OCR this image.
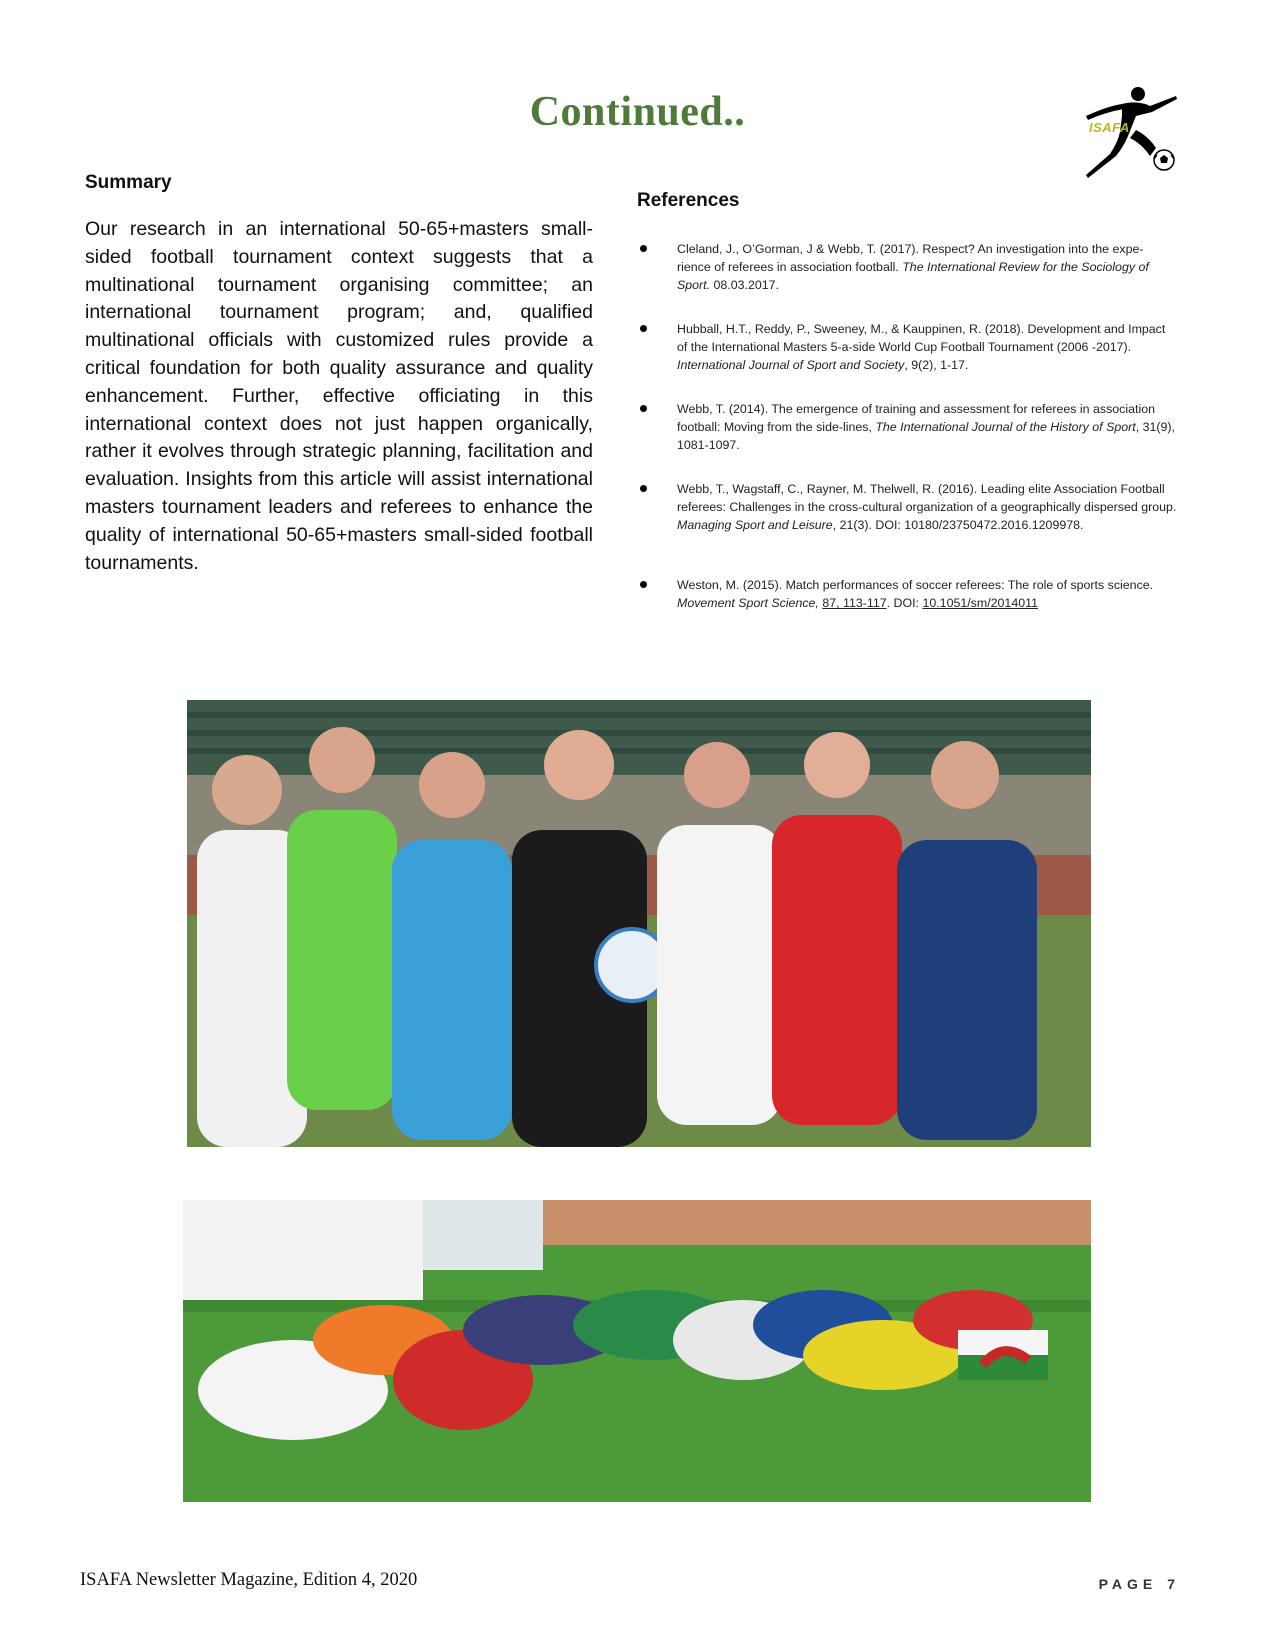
Continued..	ISAFA
Summary
Our research in an international 50-65+masters small-sided football tournament context suggests that a multinational tournament organising committee; an international tournament program; and, qualified multinational officials with customized rules provide a critical foundation for both quality assurance and quality enhancement. Further, effective officiating in this international context does not just happen organically, rather it evolves through strategic planning, facilitation and evaluation. Insights from this article will assist international masters tournament leaders and referees to enhance the quality of international 50-65+masters small-sided football tournaments.
References
Cleland, J., O’Gorman, J & Webb, T. (2017). Respect? An investigation into the expe-rience of referees in association football. The International Review for the Sociology of Sport. 08.03.2017.
Hubball, H.T., Reddy, P., Sweeney, M., & Kauppinen, R. (2018). Development and Impact of the International Masters 5-a-side World Cup Football Tournament (2006 -2017). International Journal of Sport and Society, 9(2), 1-17.
Webb, T. (2014). The emergence of training and assessment for referees in association football: Moving from the side-lines, The International Journal of the History of Sport, 31(9), 1081-1097.
Webb, T., Wagstaff, C., Rayner, M. Thelwell, R. (2016). Leading elite Association Football referees: Challenges in the cross-cultural organization of a geographically dispersed group. Managing Sport and Leisure, 21(3). DOI: 10180/23750472.2016.1209978.
Weston, M. (2015). Match performances of soccer referees: The role of sports science. Movement Sport Science, 87, 113-117. DOI: 10.1051/sm/2014011
ISAFA Newsletter Magazine, Edition 4, 2020	PAGE 7
